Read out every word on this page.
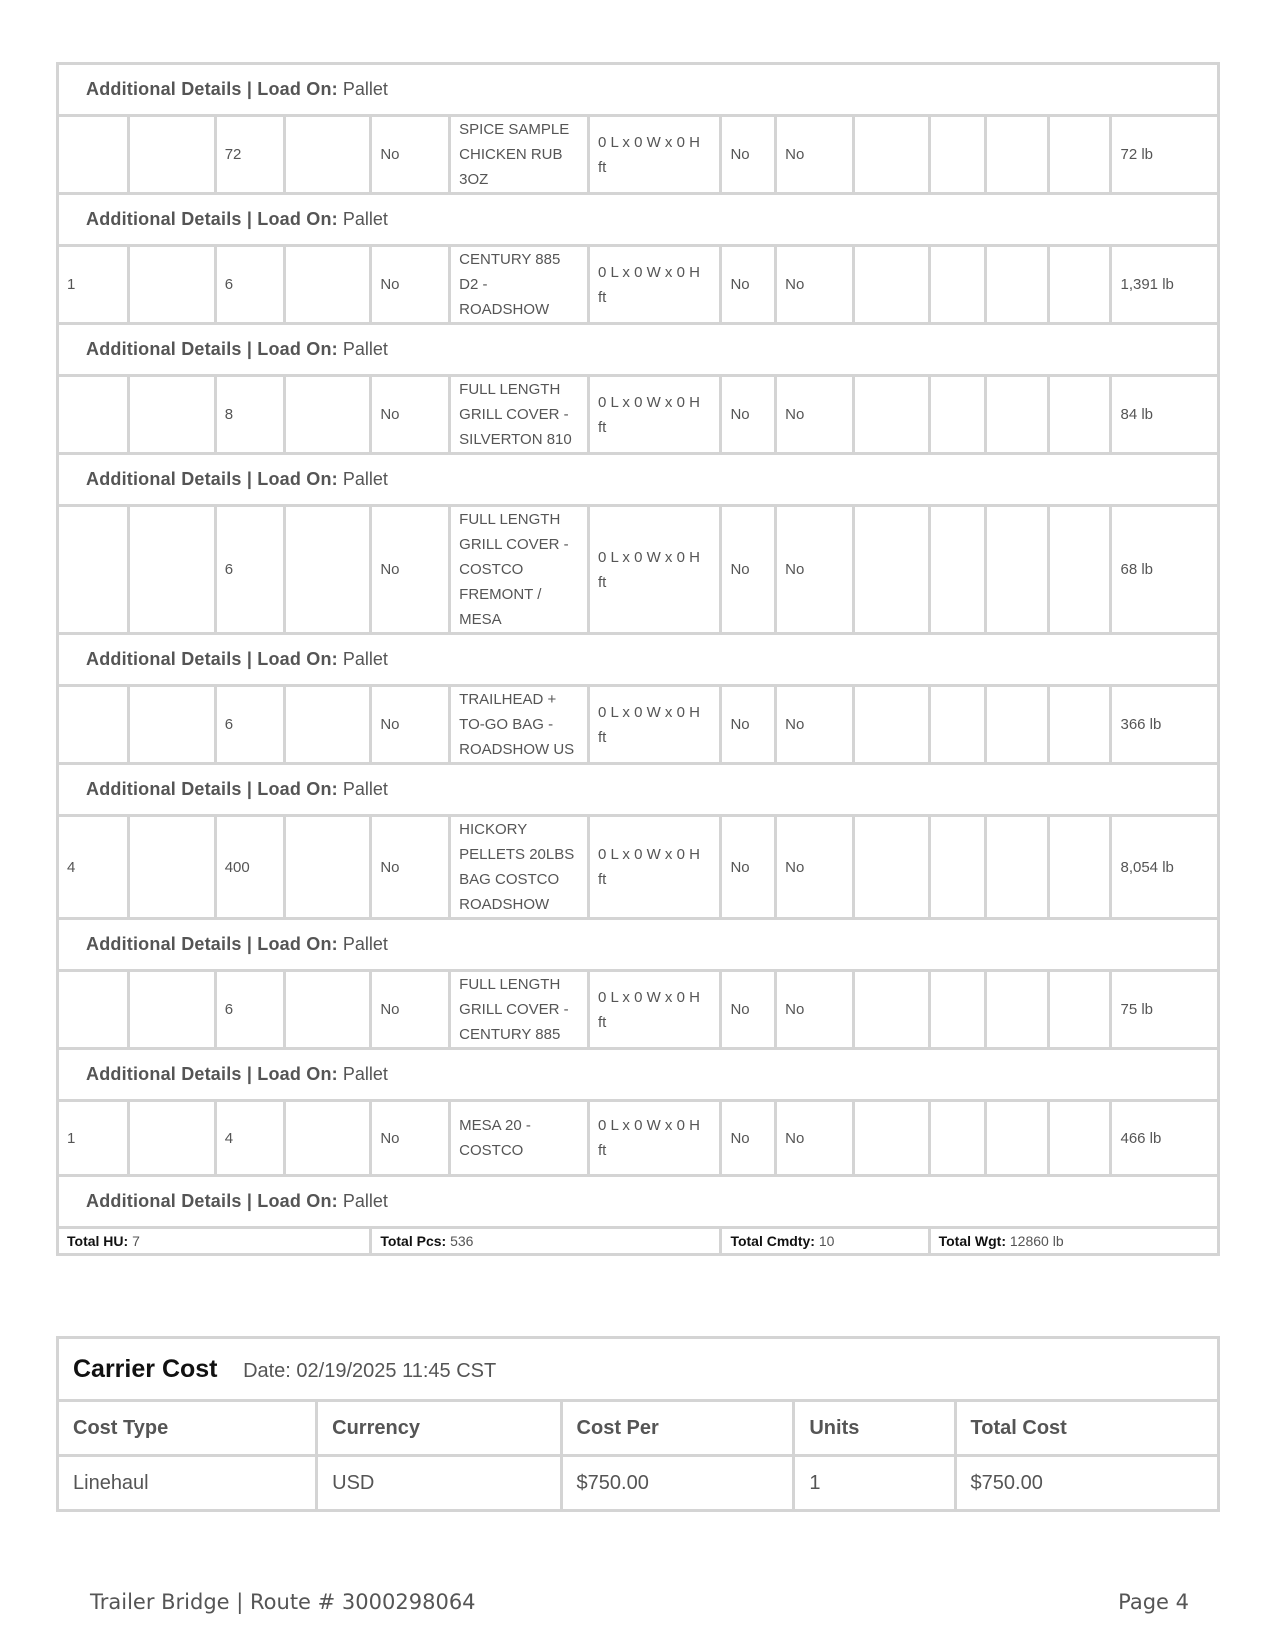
Additional Details | Load On: Pallet													
		72		No	SPICE SAMPLE CHICKEN RUB 3OZ	0 L x 0 W x 0 H ft	No	No					72 lb
Additional Details | Load On: Pallet													
1		6		No	CENTURY 885 D2 - ROADSHOW	0 L x 0 W x 0 H ft	No	No					1,391 lb
Additional Details | Load On: Pallet													
		8		No	FULL LENGTH GRILL COVER - SILVERTON 810	0 L x 0 W x 0 H ft	No	No					84 lb
Additional Details | Load On: Pallet													
		6		No	FULL LENGTH GRILL COVER - COSTCO FREMONT / MESA	0 L x 0 W x 0 H ft	No	No					68 lb
Additional Details | Load On: Pallet													
		6		No	TRAILHEAD + TO-GO BAG - ROADSHOW US	0 L x 0 W x 0 H ft	No	No					366 lb
Additional Details | Load On: Pallet													
4		400		No	HICKORY PELLETS 20LBS BAG COSTCO ROADSHOW	0 L x 0 W x 0 H ft	No	No					8,054 lb
Additional Details | Load On: Pallet													
		6		No	FULL LENGTH GRILL COVER - CENTURY 885	0 L x 0 W x 0 H ft	No	No					75 lb
Additional Details | Load On: Pallet													
1		4		No	MESA 20 - COSTCO	0 L x 0 W x 0 H ft	No	No					466 lb
Additional Details | Load On: Pallet													
Total HU: 7				Total Pcs: 536			Total Cmdty: 10			Total Wgt: 12860 lb			
Carrier Cost Date: 02/19/2025 11:45 CST				
Cost Type	Currency	Cost Per	Units	Total Cost
Linehaul	USD	$750.00	1	$750.00
Trailer Bridge | Route # 3000298064	Page 4
